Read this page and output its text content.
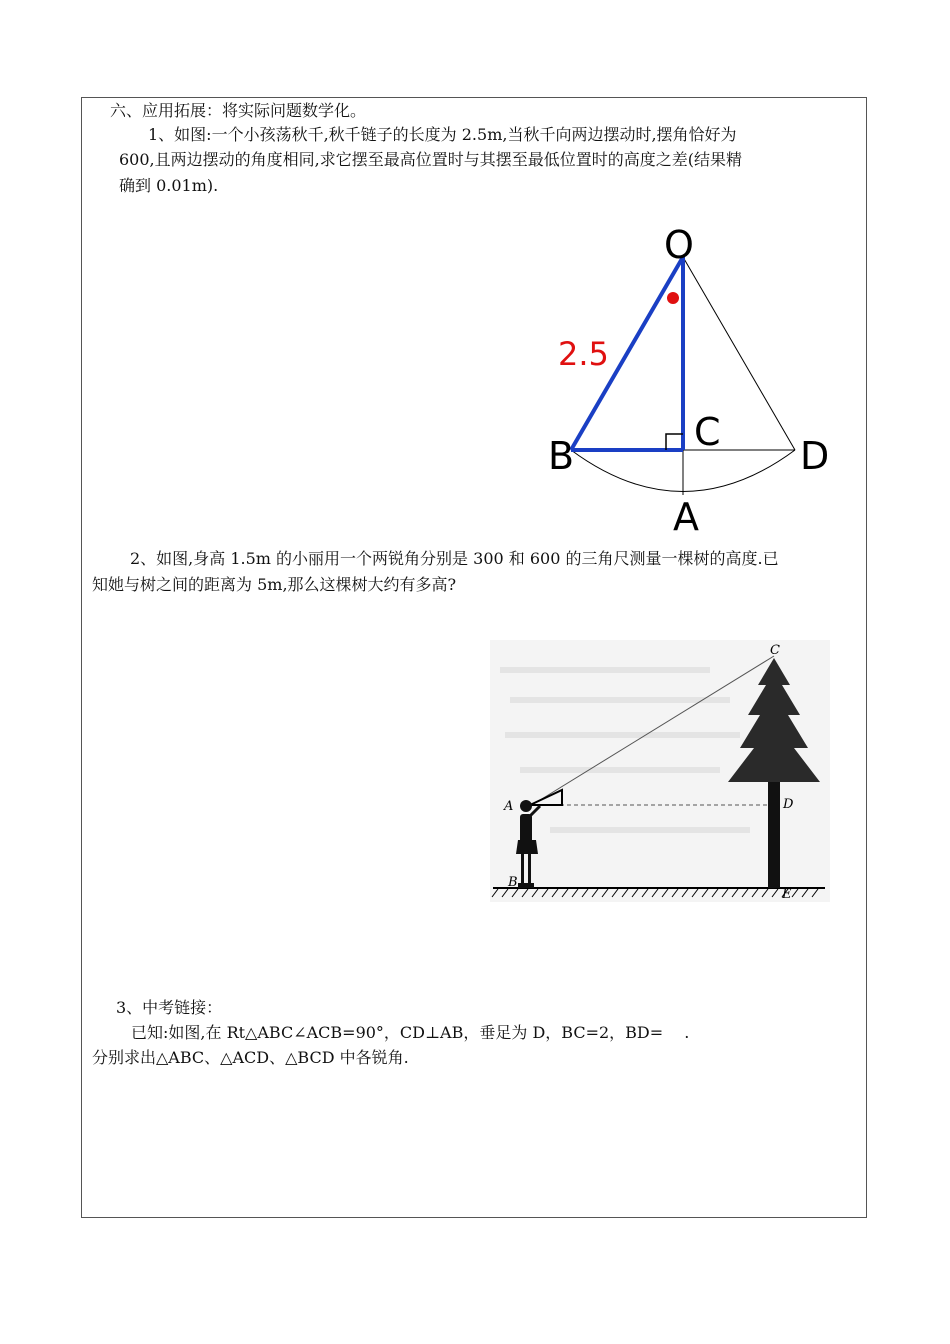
六、应用拓展：将实际问题数学化。
1、如图:一个小孩荡秋千,秋千链子的长度为 2.5m,当秋千向两边摆动时,摆角恰好为
600,且两边摆动的角度相同,求它摆至最高位置时与其摆至最低位置时的高度之差(结果精
确到 0.01m).
O
C
B	D
A
2.5
2、如图,身高 1.5m 的小丽用一个两锐角分别是 300 和 600 的三角尺测量一棵树的高度.已
知她与树之间的距离为 5m,那么这棵树大约有多高?
C
A	D
B
E
3、中考链接：
已知:如图,在 Rt△ABC∠ACB=90°，CD⊥AB，垂足为 D，BC=2，BD=　 .
分别求出△ABC、△ACD、△BCD 中各锐角.
